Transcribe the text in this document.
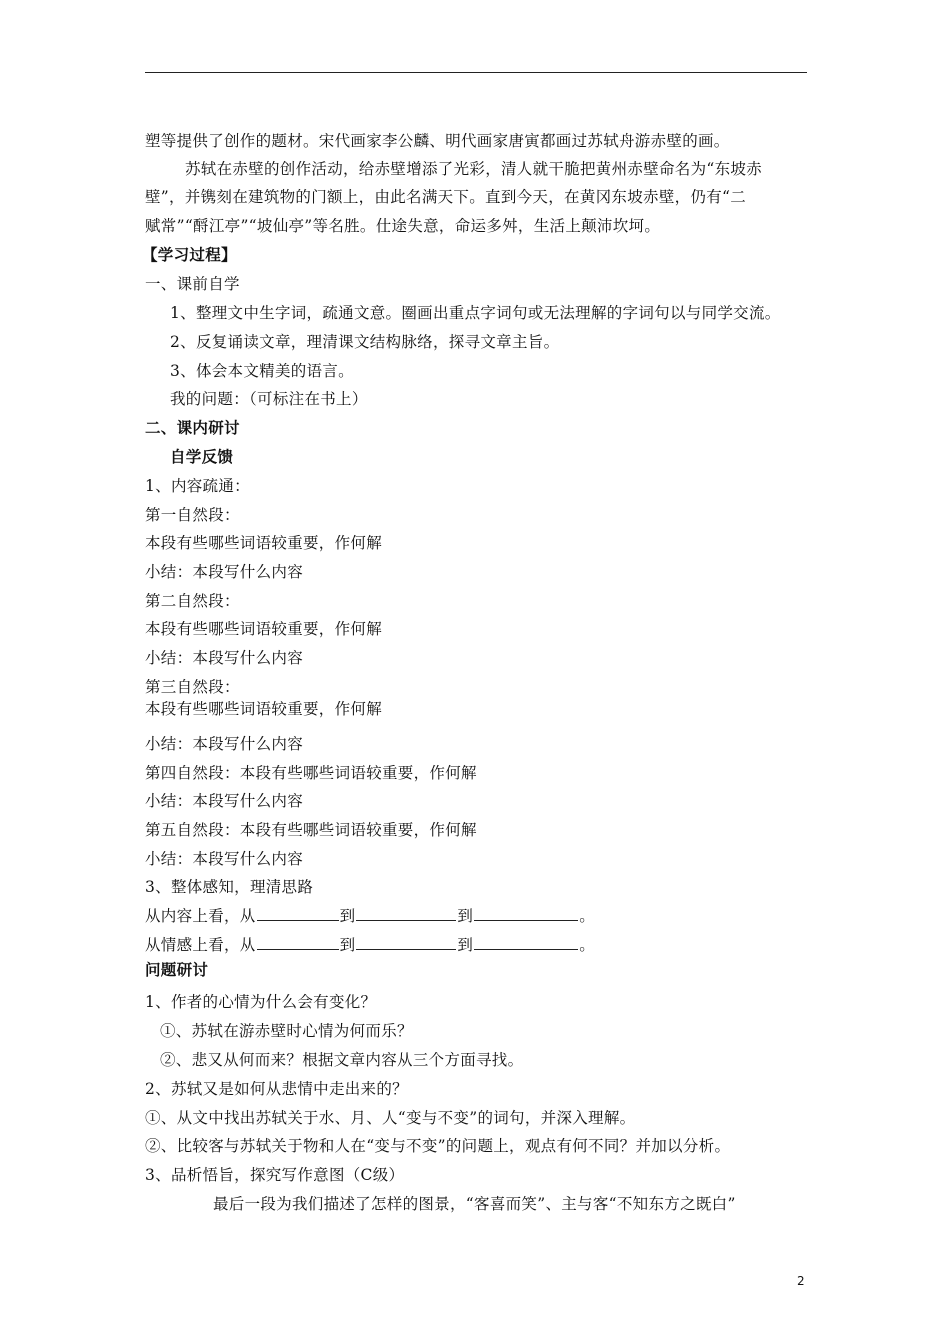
塑等提供了创作的题材。宋代画家李公麟、明代画家唐寅都画过苏轼舟游赤壁的画。
苏轼在赤壁的创作活动，给赤壁增添了光彩，清人就干脆把黄州赤壁命名为“东坡赤
壁”，并镌刻在建筑物的门额上，由此名满天下。直到今天，在黄冈东坡赤壁，仍有“二
赋常”“酹江亭”“坡仙亭”等名胜。仕途失意，命运多舛，生活上颠沛坎坷。
【学习过程】
一、课前自学
1、整理文中生字词，疏通文意。圈画出重点字词句或无法理解的字词句以与同学交流。
2、反复诵读文章，理清课文结构脉络，探寻文章主旨。
3、体会本文精美的语言。
我的问题：（可标注在书上）
二、课内研讨
自学反馈
1、内容疏通：
第一自然段：
本段有些哪些词语较重要，作何解
小结：本段写什么内容
第二自然段：
本段有些哪些词语较重要，作何解
小结：本段写什么内容
第三自然段：
本段有些哪些词语较重要，作何解
小结：本段写什么内容
第四自然段：本段有些哪些词语较重要，作何解
小结：本段写什么内容
第五自然段：本段有些哪些词语较重要，作何解
小结：本段写什么内容
3、整体感知，理清思路
从内容上看，从	到	到	。
从情感上看，从	到	到	。
问题研讨
1、作者的心情为什么会有变化？
①、苏轼在游赤壁时心情为何而乐？
②、悲又从何而来？根据文章内容从三个方面寻找。
2、苏轼又是如何从悲情中走出来的？
①、从文中找出苏轼关于水、月、人“变与不变”的词句，并深入理解。
②、比较客与苏轼关于物和人在“变与不变”的问题上，观点有何不同？并加以分析。
3、品析悟旨，探究写作意图（C级）
最后一段为我们描述了怎样的图景，“客喜而笑”、主与客“不知东方之既白”
2
